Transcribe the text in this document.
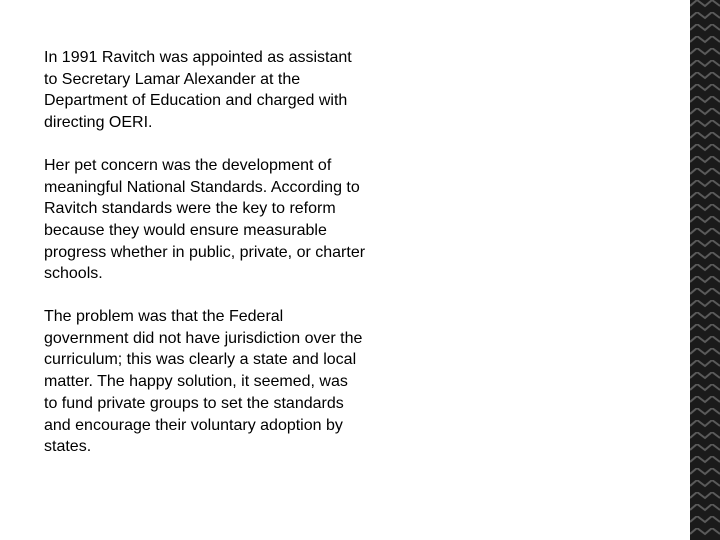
In 1991 Ravitch was appointed as assistant
to Secretary Lamar Alexander at the
Department of Education and charged with
directing OERI.

Her pet concern was the development of
meaningful National Standards. According to
Ravitch standards were the key to reform
because they would ensure measurable
progress whether in public, private, or charter
schools.

The problem was that the Federal
government did not have jurisdiction over the
curriculum; this was clearly a state and local
matter. The happy solution, it seemed, was
to fund private groups to set the standards
and encourage their voluntary adoption by
states.
